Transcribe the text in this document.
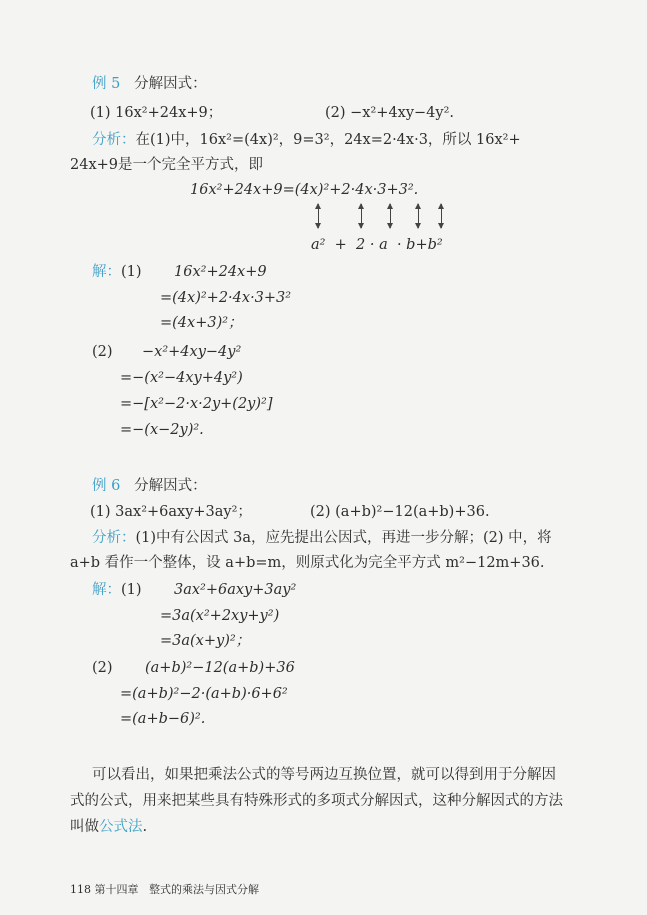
例 5 分解因式：
(1) 16x²+24x+9；	(2) −x²+4xy−4y².
分析：在(1)中，16x²=(4x)²，9=3²，24x=2·4x·3，所以 16x²+
24x+9是一个完全平方式，即
16x²+24x+9=(4x)²+2·4x·3+3².
a²  +  2 · a  · b+b²
解：(1) 16x²+24x+9
=(4x)²+2·4x·3+3²
=(4x+3)²；
(2) −x²+4xy−4y²
=−(x²−4xy+4y²)
=−[x²−2·x·2y+(2y)²]
=−(x−2y)².
例 6 分解因式：
(1) 3ax²+6axy+3ay²；	(2) (a+b)²−12(a+b)+36.
分析：(1)中有公因式 3a，应先提出公因式，再进一步分解；(2) 中，将
a+b 看作一个整体，设 a+b=m，则原式化为完全平方式 m²−12m+36.
解：(1) 3ax²+6axy+3ay²
=3a(x²+2xy+y²)
=3a(x+y)²；
(2) (a+b)²−12(a+b)+36
=(a+b)²−2·(a+b)·6+6²
=(a+b−6)².
可以看出，如果把乘法公式的等号两边互换位置，就可以得到用于分解因
式的公式，用来把某些具有特殊形式的多项式分解因式，这种分解因式的方法
叫做公式法.
118 第十四章 整式的乘法与因式分解
